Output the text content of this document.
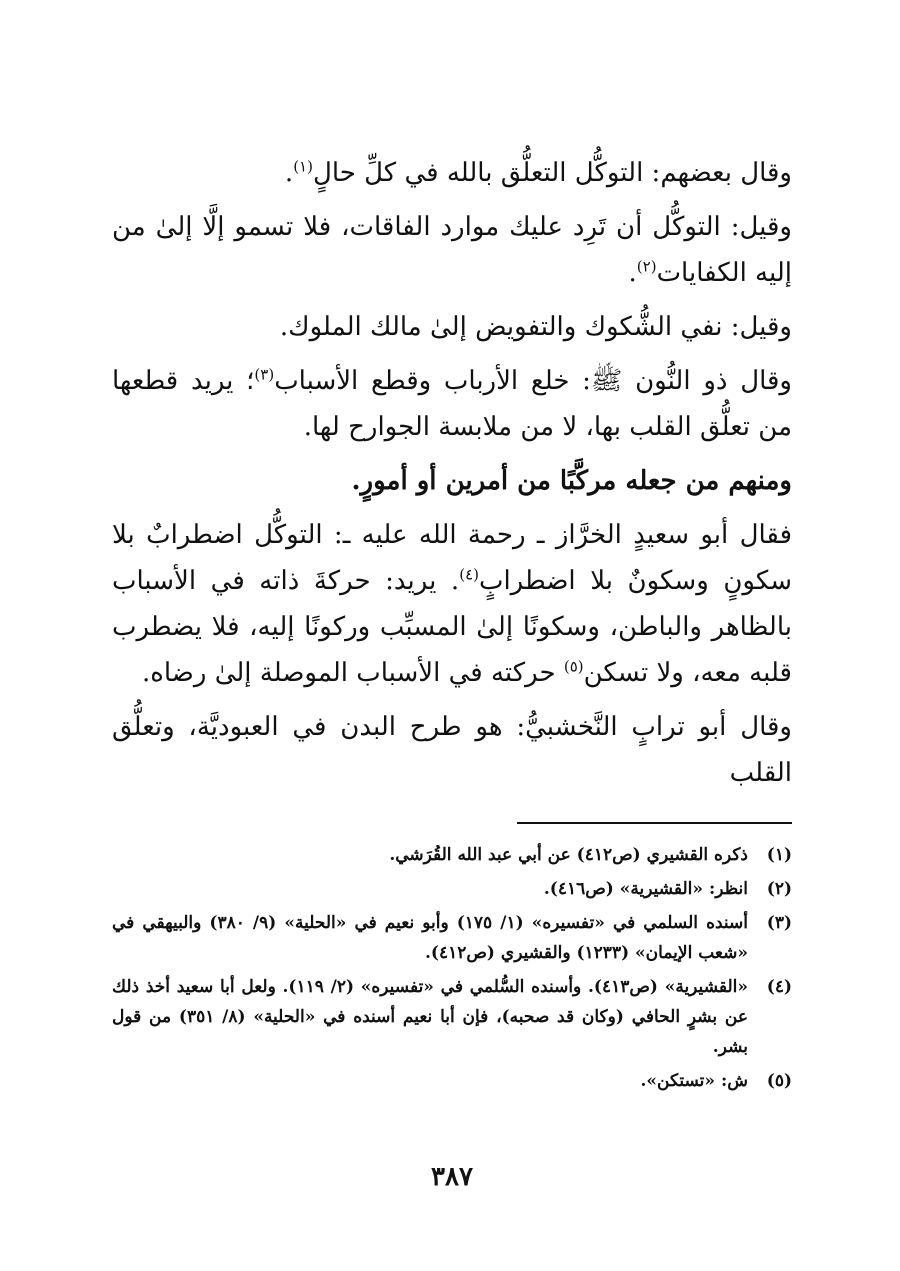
وقال بعضهم: التوكُّل التعلُّق بالله في كلِّ حالٍ$^{(١)}$.

وقيل: التوكُّل أن تَرِد عليك موارد الفاقات، فلا تسمو إلَّا إلىٰ من إليه الكفايات$^{(٢)}$.

وقيل: نفي الشُّكوك والتفويض إلىٰ مالك الملوك.

وقال ذو النُّون ﷺ: خلع الأرباب وقطع الأسباب$^{(٣)}$؛ يريد قطعها من تعلُّق القلب بها، لا من ملابسة الجوارح لها.

ومنهم من جعله مركَّبًا من أمرين أو أمورٍ.

فقال أبو سعيدٍ الخرَّاز ـ رحمة الله عليه ـ: التوكُّل اضطرابٌ بلا سكونٍ وسكونٌ بلا اضطرابٍ$^{(٤)}$. يريد: حركةَ ذاته في الأسباب بالظاهر والباطن، وسكونًا إلىٰ المسبِّب وركونًا إليه، فلا يضطرب قلبه معه، ولا تسكن$^{(٥)}$ حركته في الأسباب الموصلة إلىٰ رضاه.

وقال أبو ترابٍ النَّخشبيُّ: هو طرح البدن في العبوديَّة، وتعلُّق القلب

(١)
ذكره القشيري (ص٤١٢) عن أبي عبد الله القُرَشي.
(٢)
انظر: «القشيرية» (ص٤١٦).
(٣)
أسنده السلمي في «تفسيره» (١/ ١٧٥) وأبو نعيم في «الحلية» (٩/ ٣٨٠) والبيهقي في «شعب الإيمان» (١٢٣٣) والقشيري (ص٤١٢).
(٤)
«القشيرية» (ص٤١٣). وأسنده السُّلمي في «تفسيره» (٢/ ١١٩). ولعل أبا سعيد أخذ ذلك عن بشرٍ الحافي (وكان قد صحبه)، فإن أبا نعيم أسنده في «الحلية» (٨/ ٣٥١) من قول بشر.
(٥)
ش: «تستكن».
٣٨٧
